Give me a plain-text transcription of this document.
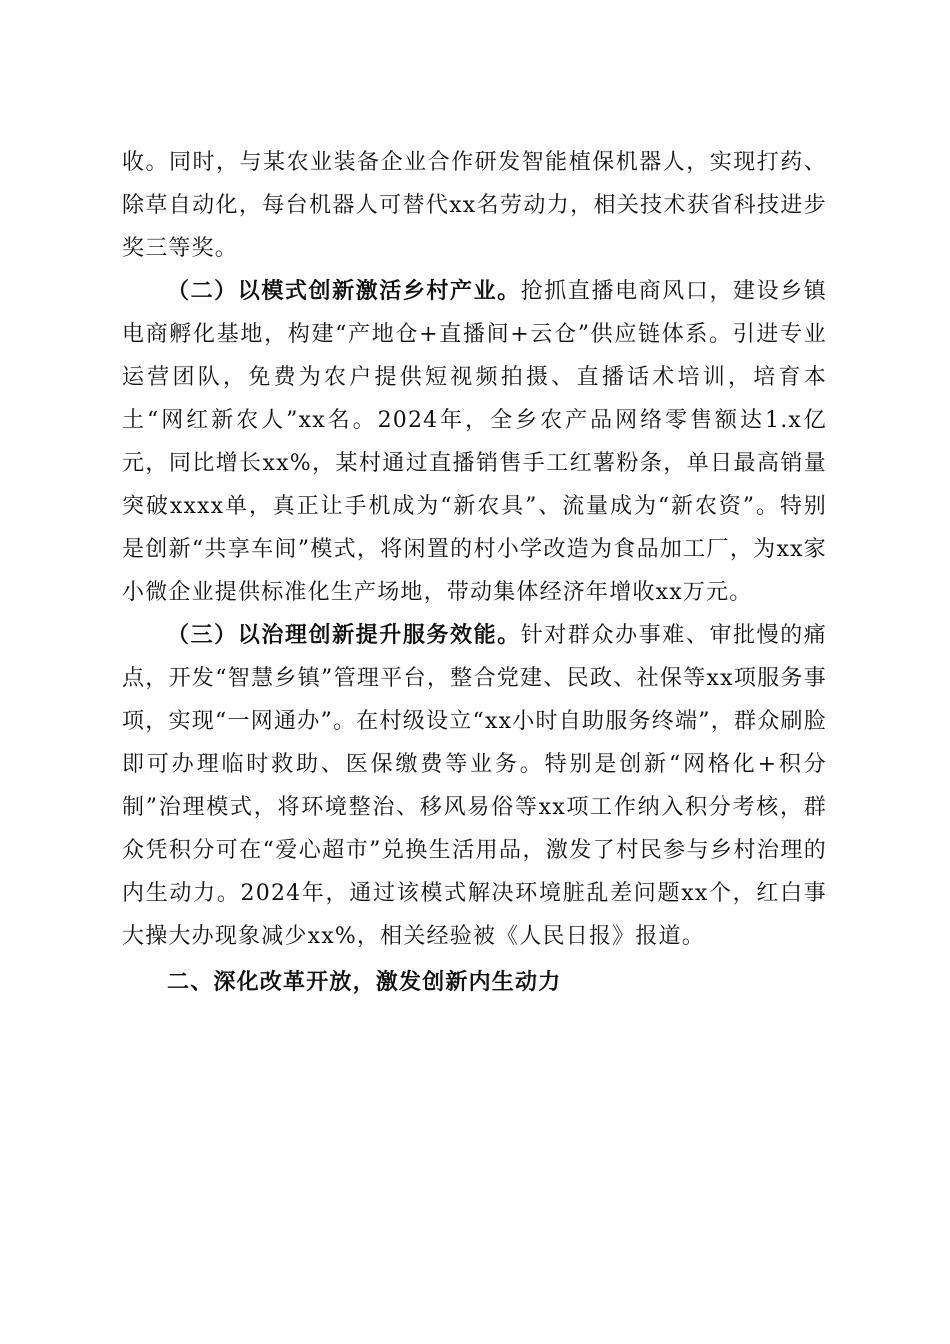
收。同时，与某农业装备企业合作研发智能植保机器人，实现打药、除草自动化，每台机器人可替代xx名劳动力，相关技术获省科技进步奖三等奖。

（二）以模式创新激活乡村产业。抢抓直播电商风口，建设乡镇电商孵化基地，构建“产地仓+直播间+云仓”供应链体系。引进专业运营团队，免费为农户提供短视频拍摄、直播话术培训，培育本土“网红新农人”xx名。2024年，全乡农产品网络零售额达1.x亿元，同比增长xx%，某村通过直播销售手工红薯粉条，单日最高销量突破xxxx单，真正让手机成为“新农具”、流量成为“新农资”。特别是创新“共享车间”模式，将闲置的村小学改造为食品加工厂，为xx家小微企业提供标准化生产场地，带动集体经济年增收xx万元。

（三）以治理创新提升服务效能。针对群众办事难、审批慢的痛点，开发“智慧乡镇”管理平台，整合党建、民政、社保等xx项服务事项，实现“一网通办”。在村级设立“xx小时自助服务终端”，群众刷脸即可办理临时救助、医保缴费等业务。特别是创新“网格化+积分制”治理模式，将环境整治、移风易俗等xx项工作纳入积分考核，群众凭积分可在“爱心超市”兑换生活用品，激发了村民参与乡村治理的内生动力。2024年，通过该模式解决环境脏乱差问题xx个，红白事大操大办现象减少xx%，相关经验被《人民日报》报道。

二、深化改革开放，激发创新内生动力
